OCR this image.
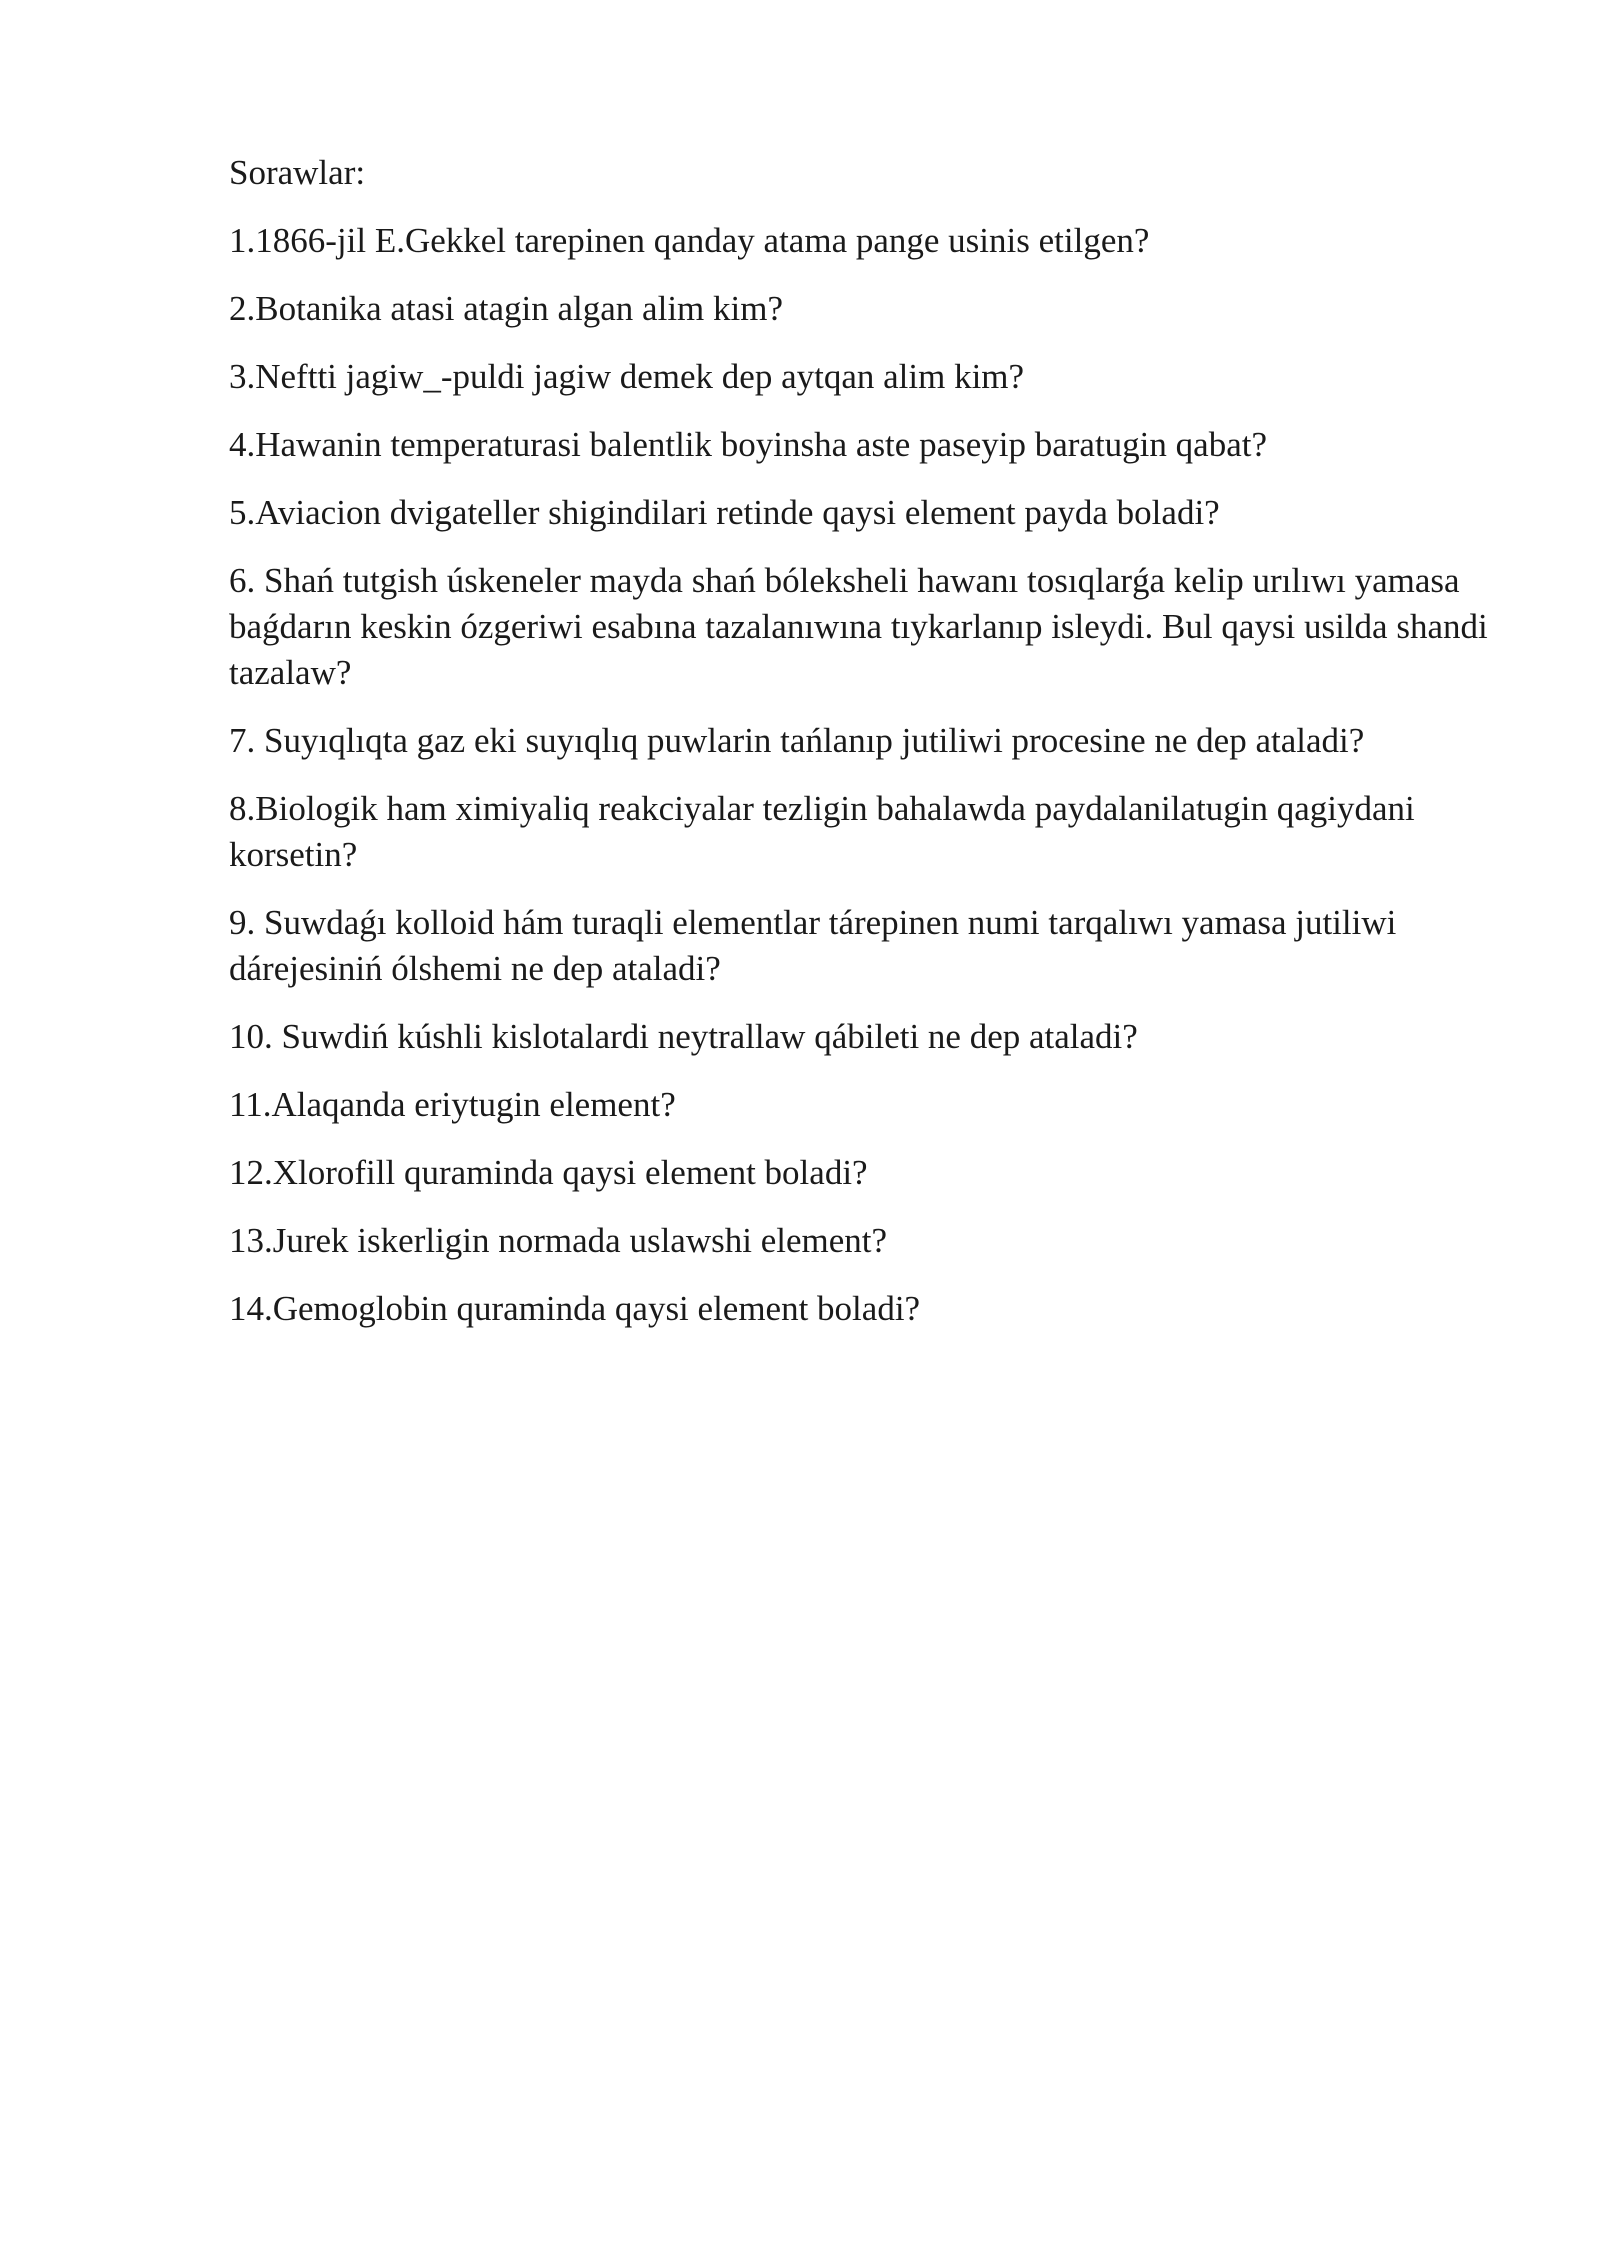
Sorawlar:
1.1866-jil E.Gekkel tarepinen qanday atama pange usinis etilgen?
2.Botanika atasi atagin algan alim kim?
3.Neftti jagiw_-puldi jagiw demek dep aytqan alim kim?
4.Hawanin temperaturasi balentlik boyinsha aste paseyip baratugin qabat?
5.Aviacion dvigateller shigindilari retinde qaysi element payda boladi?
6. Shań tutgish úskeneler mayda shań bóleksheli hawanı tosıqlarǵa kelip urılıwı yamasa baǵdarın keskin ózgeriwi esabına tazalanıwına tıykarlanıp isleydi. Bul qaysi usilda shandi tazalaw?
7. Suyıqlıqta gaz eki suyıqlıq puwlarin tańlanıp jutiliwi procesine ne dep ataladi?
8.Biologik ham ximiyaliq reakciyalar tezligin bahalawda paydalanilatugin qagiydani korsetin?
9. Suwdaǵı kolloid hám turaqli elementlar tárepinen numi tarqalıwı yamasa jutiliwi dárejesiniń ólshemi ne dep ataladi?
10. Suwdiń kúshli kislotalardi neytrallaw qábileti ne dep ataladi?
11.Alaqanda eriytugin element?
12.Xlorofill quraminda qaysi element boladi?
13.Jurek iskerligin normada uslawshi element?
14.Gemoglobin quraminda qaysi element boladi?
